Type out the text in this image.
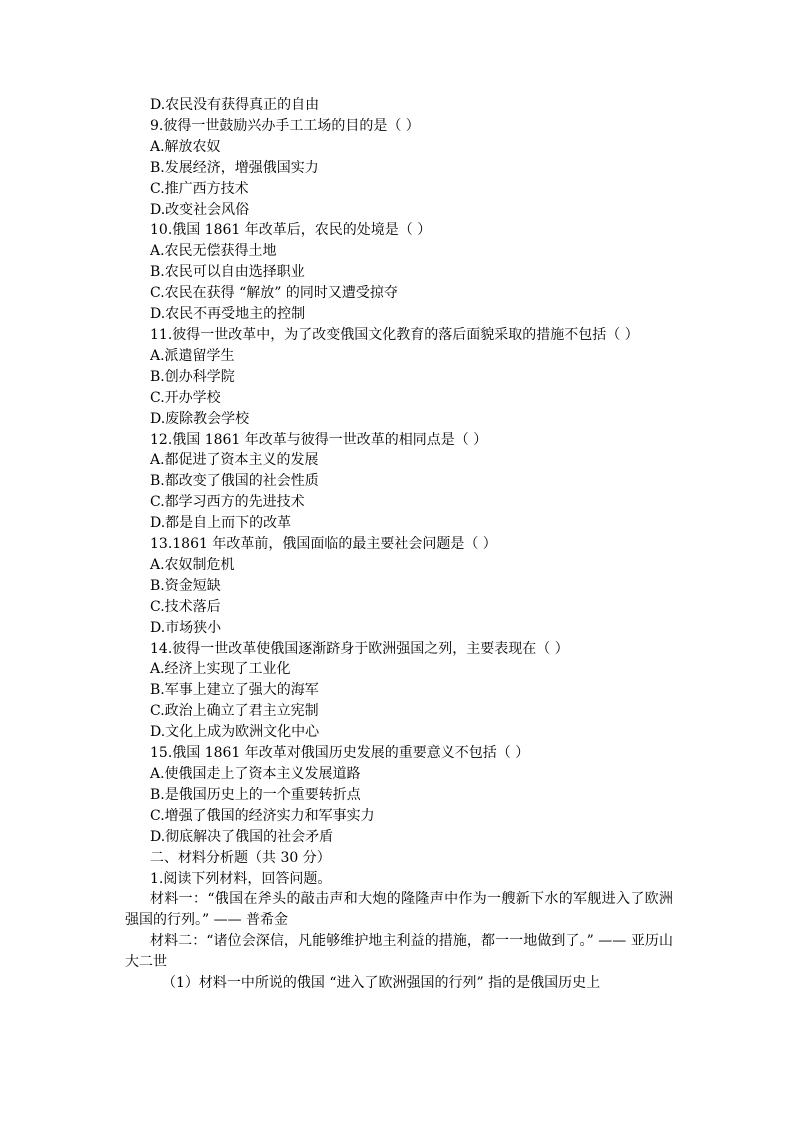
D.农民没有获得真正的自由
9.彼得一世鼓励兴办手工工场的目的是（ ）
A.解放农奴
B.发展经济，增强俄国实力
C.推广西方技术
D.改变社会风俗
10.俄国 1861 年改革后，农民的处境是（ ）
A.农民无偿获得土地
B.农民可以自由选择职业
C.农民在获得 “解放” 的同时又遭受掠夺
D.农民不再受地主的控制
11.彼得一世改革中，为了改变俄国文化教育的落后面貌采取的措施不包括（ ）
A.派遣留学生
B.创办科学院
C.开办学校
D.废除教会学校
12.俄国 1861 年改革与彼得一世改革的相同点是（ ）
A.都促进了资本主义的发展
B.都改变了俄国的社会性质
C.都学习西方的先进技术
D.都是自上而下的改革
13.1861 年改革前，俄国面临的最主要社会问题是（ ）
A.农奴制危机
B.资金短缺
C.技术落后
D.市场狭小
14.彼得一世改革使俄国逐渐跻身于欧洲强国之列，主要表现在（ ）
A.经济上实现了工业化
B.军事上建立了强大的海军
C.政治上确立了君主立宪制
D.文化上成为欧洲文化中心
15.俄国 1861 年改革对俄国历史发展的重要意义不包括（ ）
A.使俄国走上了资本主义发展道路
B.是俄国历史上的一个重要转折点
C.增强了俄国的经济实力和军事实力
D.彻底解决了俄国的社会矛盾
二、材料分析题（共 30 分）
1.阅读下列材料，回答问题。
材料一：“俄国在斧头的敲击声和大炮的隆隆声中作为一艘新下水的军舰进入了欧洲强国的行列。” —— 普希金
材料二：“诸位会深信，凡能够维护地主利益的措施，都一一地做到了。” —— 亚历山大二世
（1）材料一中所说的俄国 “进入了欧洲强国的行列” 指的是俄国历史上
